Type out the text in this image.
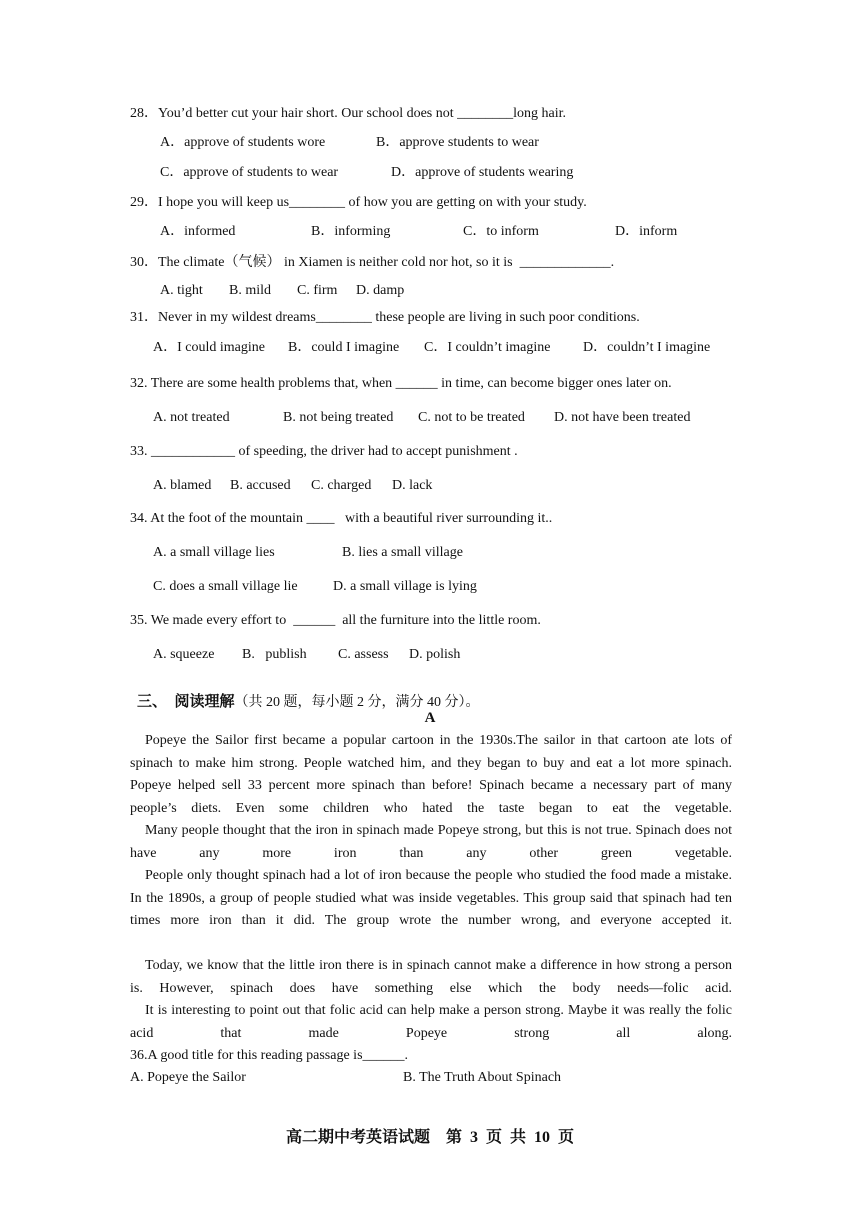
28．You’d better cut your hair short. Our school does not ________long hair.
A．approve of students wore	B．approve students to wear
C．approve of students to wear	D．approve of students wearing
29．I hope you will keep us________ of how you are getting on with your study.
A．informed	B．informing	C．to inform	D．inform
30．The climate（气候） in Xiamen is neither cold nor hot, so it is  _____________.
A. tight B. mild C. firm D. damp
31．Never in my wildest dreams________ these people are living in such poor conditions.
A．I could imagine B．could I imagine C．I couldn’t imagine D．couldn’t I imagine
32. There are some health problems that, when ______ in time, can become bigger ones later on.
A. not treated	B. not being treated C. not to be treated D. not have been treated
33. ____________ of speeding, the driver had to accept punishment .
A. blamed B. accused C. charged D. lack
34. At the foot of the mountain ____   with a beautiful river surrounding it..
A. a small village lies	B. lies a small village
C. does a small village lie	D. a small village is lying
35. We made every effort to  ______  all the furniture into the little room.
A. squeeze B.   publish C. assess D. polish

三、  阅读理解（共 20 题，每小题 2 分，满分 40 分）。

A
Popeye the Sailor first became a popular cartoon in the 1930s.The sailor in that cartoon ate lots of spinach to make him strong. People watched him, and they began to buy and eat a lot more spinach. Popeye helped sell 33 percent more spinach than before! Spinach became a necessary part of many people’s diets. Even some children who hated the taste began to eat the vegetable.
Many people thought that the iron in spinach made Popeye strong, but this is not true. Spinach does not have any more iron than any other green vegetable.
People only thought spinach had a lot of iron because the people who studied the food made a mistake. In the 1890s, a group of people studied what was inside vegetables. This group said that spinach had ten times more iron than it did. The group wrote the number wrong, and everyone accepted it.
Today, we know that the little iron there is in spinach cannot make a difference in how strong a person is. However, spinach does have something else which the body needs—folic acid.
It is interesting to point out that folic acid can help make a person strong. Maybe it was really the folic acid that made Popeye strong all along.
36.A good title for this reading passage is______.
A. Popeye the Sailor	B. The Truth About Spinach
高二期中考英语试题    第  3  页  共  10  页
